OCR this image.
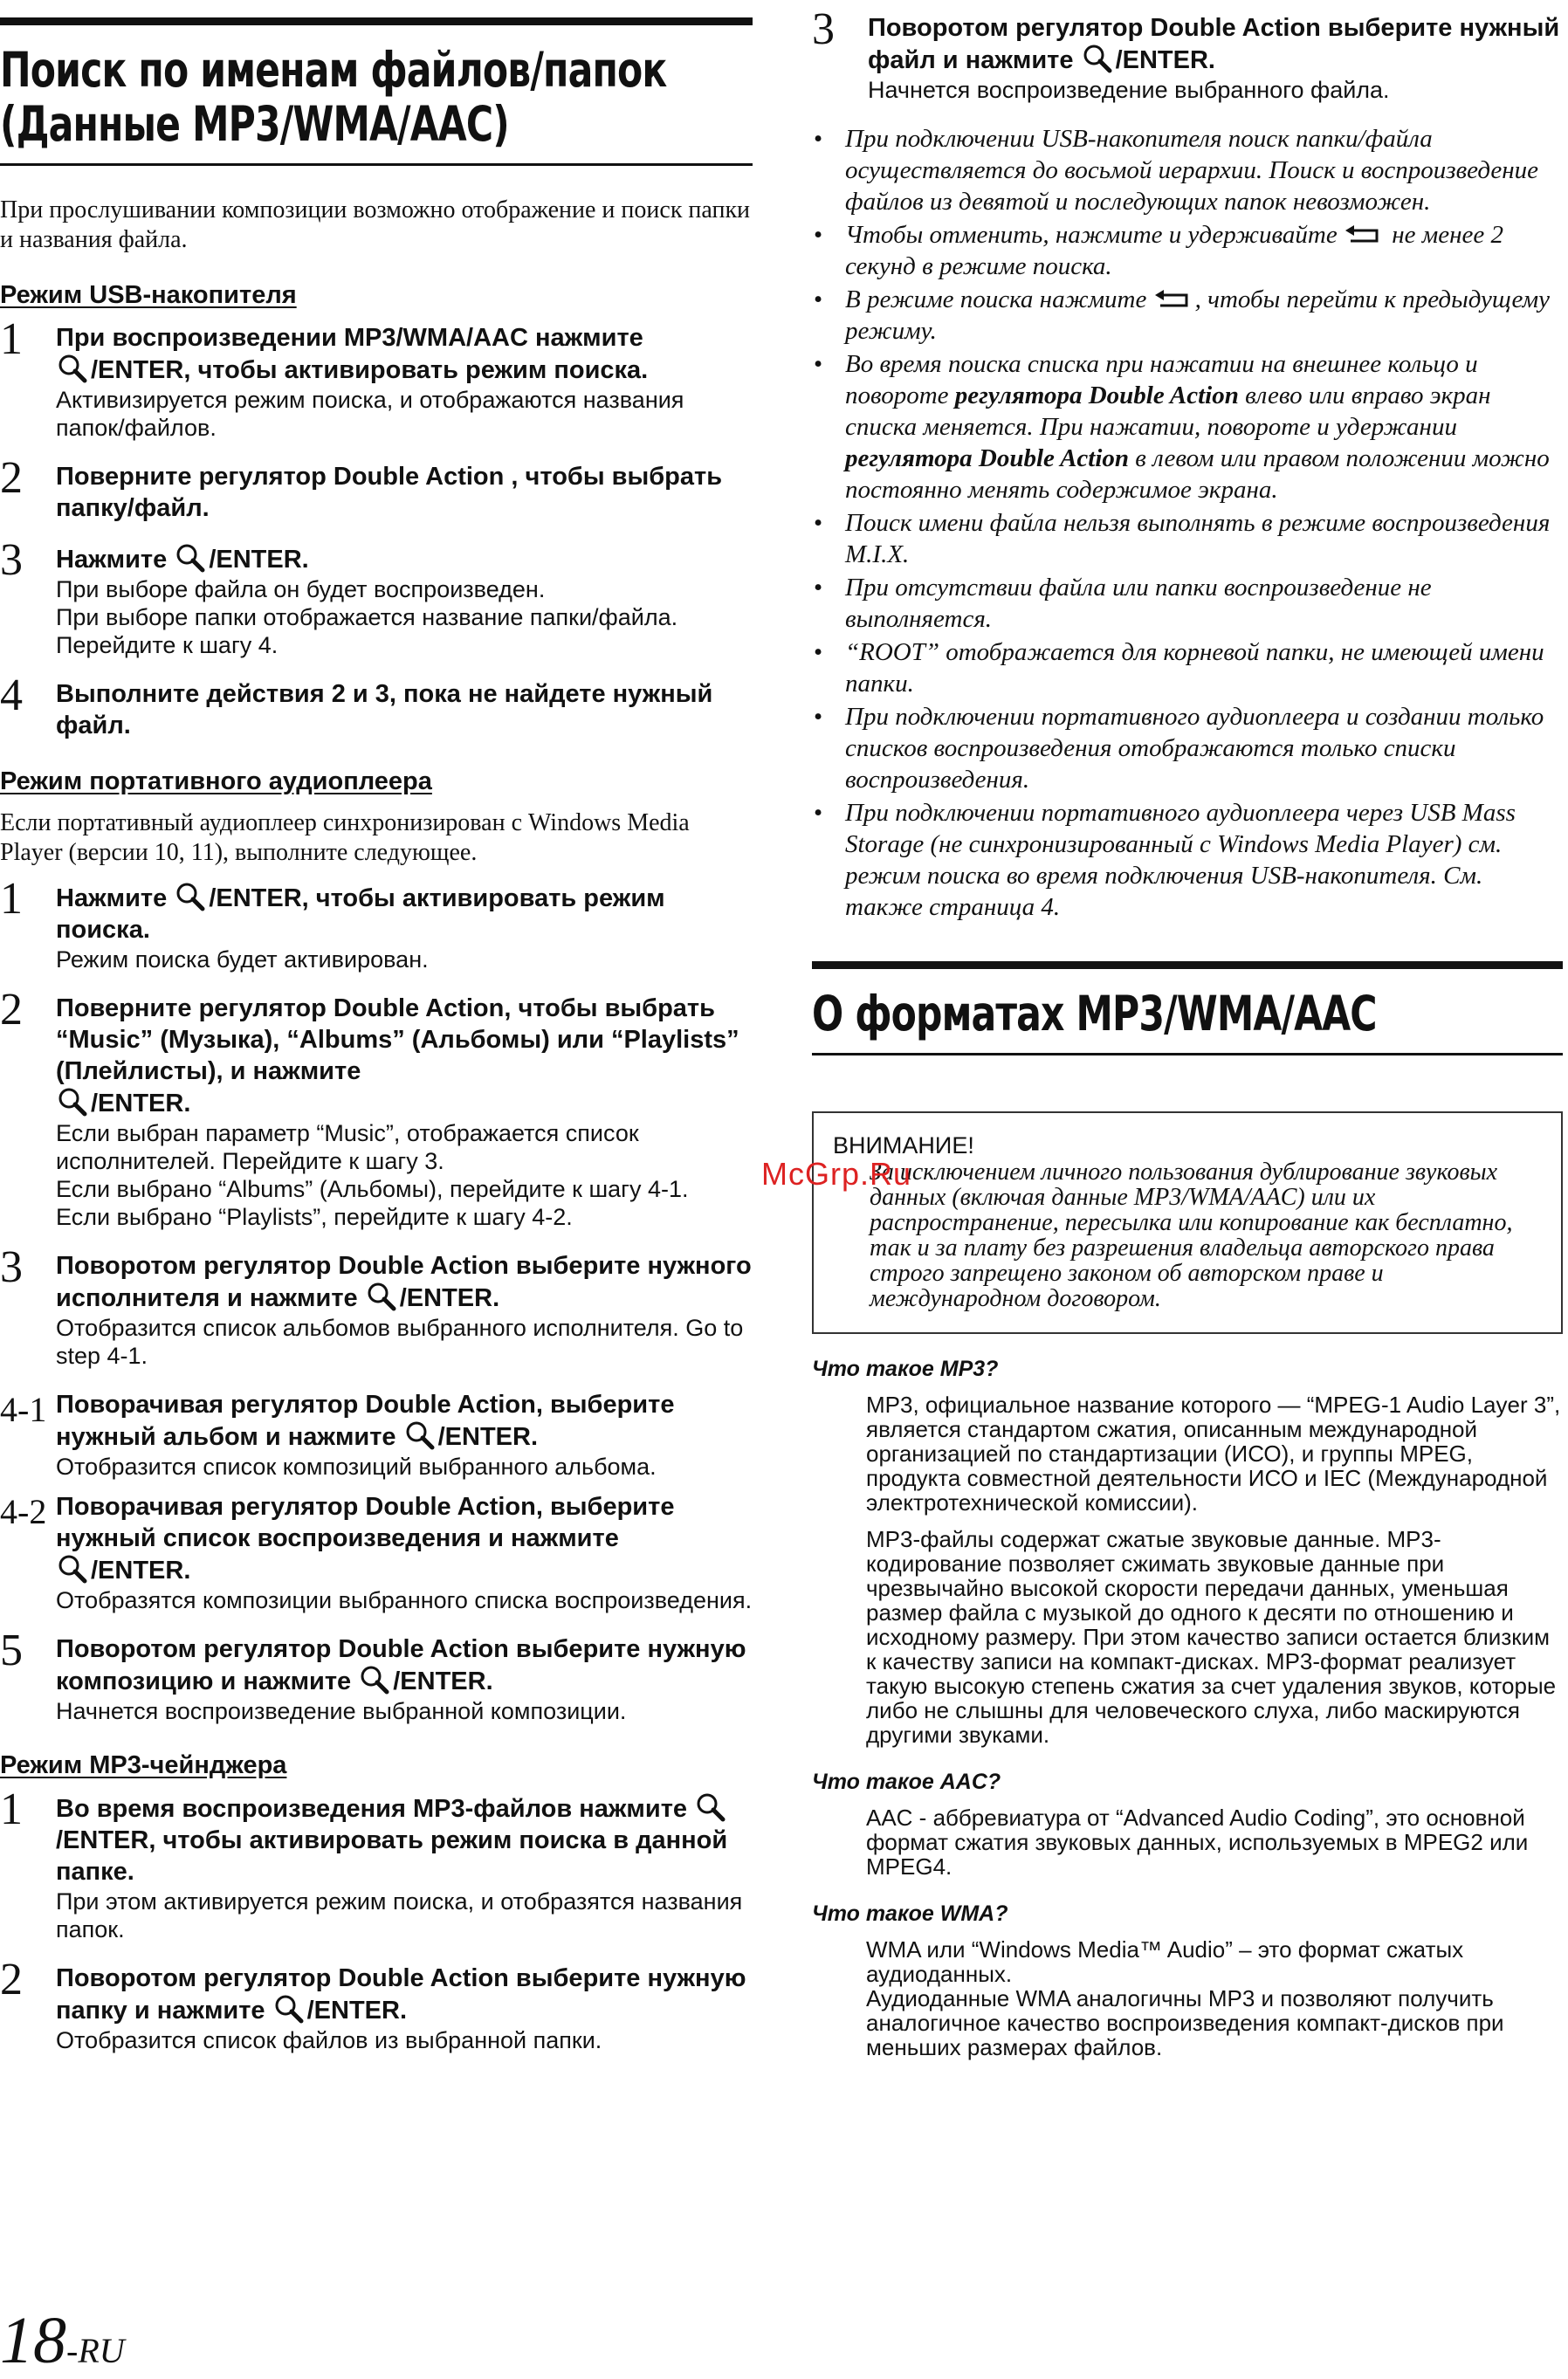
Поиск по именам файлов/папок
(Данные MP3/WMA/AAC)

При прослушивании композиции возможно отображение и поиск папки и названия файла.

Режим USB-накопителя
1 При воспроизведении MP3/WMA/AAC нажмите
/ENTER, чтобы активировать режим поиска.
Активизируется режим поиска, и отображаются названия папок/файлов.
2 Поверните регулятор Double Action , чтобы выбрать папку/файл.
3 Нажмите /ENTER.
При выборе файла он будет воспроизведен.
При выборе папки отображается название папки/файла. Перейдите к шагу 4.
4 Выполните действия 2 и 3, пока не найдете нужный файл.
Режим портативного аудиоплеера

Если портативный аудиоплеер синхронизирован с Windows Media Player (версии 10, 11), выполните следующее.

1 Нажмите /ENTER, чтобы активировать режим поиска.
Режим поиска будет активирован.
2 Поверните регулятор Double Action, чтобы выбрать “Music” (Музыка), “Albums” (Альбомы) или “Playlists” (Плейлисты), и нажмите
/ENTER.
Если выбран параметр “Music”, отображается список исполнителей. Перейдите к шагу 3.
Если выбрано “Albums” (Альбомы), перейдите к шагу 4-1.
Если выбрано “Playlists”, перейдите к шагу 4-2.
3 Поворотом регулятор Double Action выберите нужного исполнителя и нажмите /ENTER.
Отобразится список альбомов выбранного исполнителя. Go to step 4-1.
4-1 Поворачивая регулятор Double Action, выберите нужный альбом и нажмите /ENTER.
Отобразится список композиций выбранного альбома.
4-2 Поворачивая регулятор Double Action, выберите нужный список воспроизведения и нажмите
/ENTER.
Отобразятся композиции выбранного списка воспроизведения.
5 Поворотом регулятор Double Action выберите нужную композицию и нажмите /ENTER.
Начнется воспроизведение выбранной композиции.
Режим MP3-чейнджера
1 Во время воспроизведения MP3-файлов нажмите /ENTER, чтобы активировать режим поиска в данной папке.
При этом активируется режим поиска, и отобразятся названия папок.
2 Поворотом регулятор Double Action выберите нужную папку и нажмите /ENTER.
Отобразится список файлов из выбранной папки.
3 Поворотом регулятор Double Action выберите нужный файл и нажмите /ENTER.
Начнется воспроизведение выбранного файла.
• При подключении USB-накопителя поиск папки/файла осуществляется до восьмой иерархии. Поиск и воспроизведение файлов из девятой и последующих папок невозможен.
• Чтобы отменить, нажмите и удерживайте не менее 2 секунд в режиме поиска.
• В режиме поиска нажмите , чтобы перейти к предыдущему режиму.
• Во время поиска списка при нажатии на внешнее кольцо и повороте регулятора Double Action влево или вправо экран списка меняется. При нажатии, повороте и удержании регулятора Double Action в левом или правом положении можно постоянно менять содержимое экрана.
• Поиск имени файла нельзя выполнять в режиме воспроизведения M.I.X.
• При отсутствии файла или папки воспроизведение не выполняется.
• “ROOT” отображается для корневой папки, не имеющей имени папки.
• При подключении портативного аудиоплеера и создании только списков воспроизведения отображаются только списки воспроизведения.
• При подключении портативного аудиоплеера через USB Mass Storage (не синхронизированный с Windows Media Player) см. режим поиска во время подключения USB-накопителя. См. также страница 4.
О форматах MP3/WMA/AAC
ВНИМАНИЕ!
За исключением личного пользования дублирование звуковых данных (включая данные MP3/WMA/AAC) или их распространение, пересылка или копирование как бесплатно, так и за плату без разрешения владельца авторского права строго запрещено законом об авторском праве и международном договором.
Что такое MP3?
MP3, официальное название которого — “MPEG-1 Audio Layer 3”, является стандартом сжатия, описанным международной организацией по стандартизации (ИСО), и группы MPEG, продукта совместной деятельности ИСО и IEC (Международной электротехнической комиссии).
MP3-файлы содержат сжатые звуковые данные. MP3-кодирование позволяет сжимать звуковые данные при чрезвычайно высокой скорости передачи данных, уменьшая размер файла с музыкой до одного к десяти по отношению и исходному размеру. При этом качество записи остается близким к качеству записи на компакт-дисках. MP3-формат реализует такую высокую степень сжатия за счет удаления звуков, которые либо не слышны для человеческого слуха, либо маскируются другими звуками.
Что такое AAC?
AAC - аббревиатура от “Advanced Audio Coding”, это основной формат сжатия звуковых данных, используемых в MPEG2 или MPEG4.
Что такое WMA?
WMA или “Windows Media™ Audio” – это формат сжатых аудиоданных.
Аудиоданные WMA аналогичны MP3 и позволяют получить аналогичное качество воспроизведения компакт-дисков при меньших размерах файлов.
McGrp.Ru
18-RU
